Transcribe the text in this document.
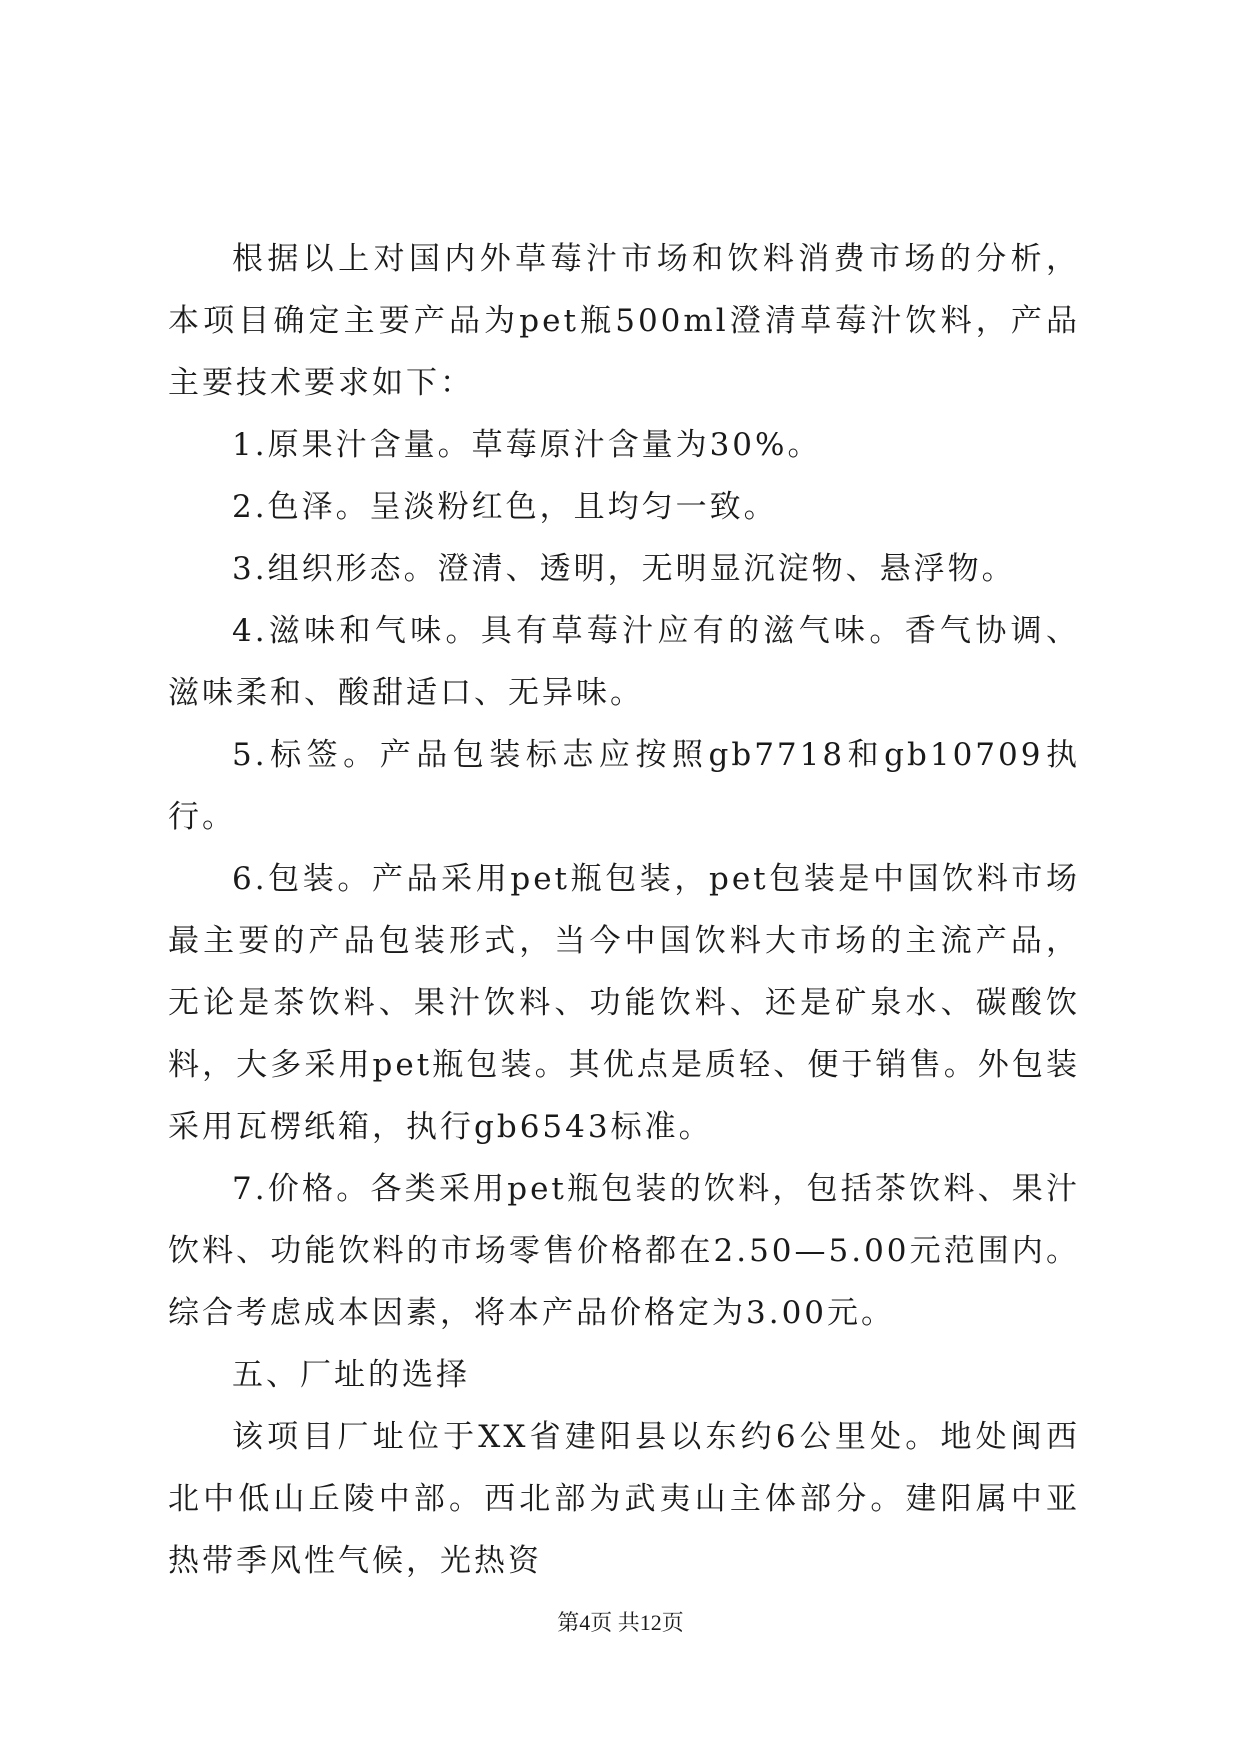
根据以上对国内外草莓汁市场和饮料消费市场的分析，本项目确定主要产品为pet瓶500ml澄清草莓汁饮料，产品主要技术要求如下：

1.原果汁含量。草莓原汁含量为30%。

2.色泽。呈淡粉红色，且均匀一致。

3.组织形态。澄清、透明，无明显沉淀物、悬浮物。

4.滋味和气味。具有草莓汁应有的滋气味。香气协调、滋味柔和、酸甜适口、无异味。

5.标签。产品包装标志应按照gb7718和gb10709执行。

6.包装。产品采用pet瓶包装，pet包装是中国饮料市场最主要的产品包装形式，当今中国饮料大市场的主流产品，无论是茶饮料、果汁饮料、功能饮料、还是矿泉水、碳酸饮料，大多采用pet瓶包装。其优点是质轻、便于销售。外包装采用瓦楞纸箱，执行gb6543标准。

7.价格。各类采用pet瓶包装的饮料，包括茶饮料、果汁饮料、功能饮料的市场零售价格都在2.50—5.00元范围内。综合考虑成本因素，将本产品价格定为3.00元。

五、厂址的选择

该项目厂址位于XX省建阳县以东约6公里处。地处闽西北中低山丘陵中部。西北部为武夷山主体部分。建阳属中亚热带季风性气候，光热资

第4页 共12页
